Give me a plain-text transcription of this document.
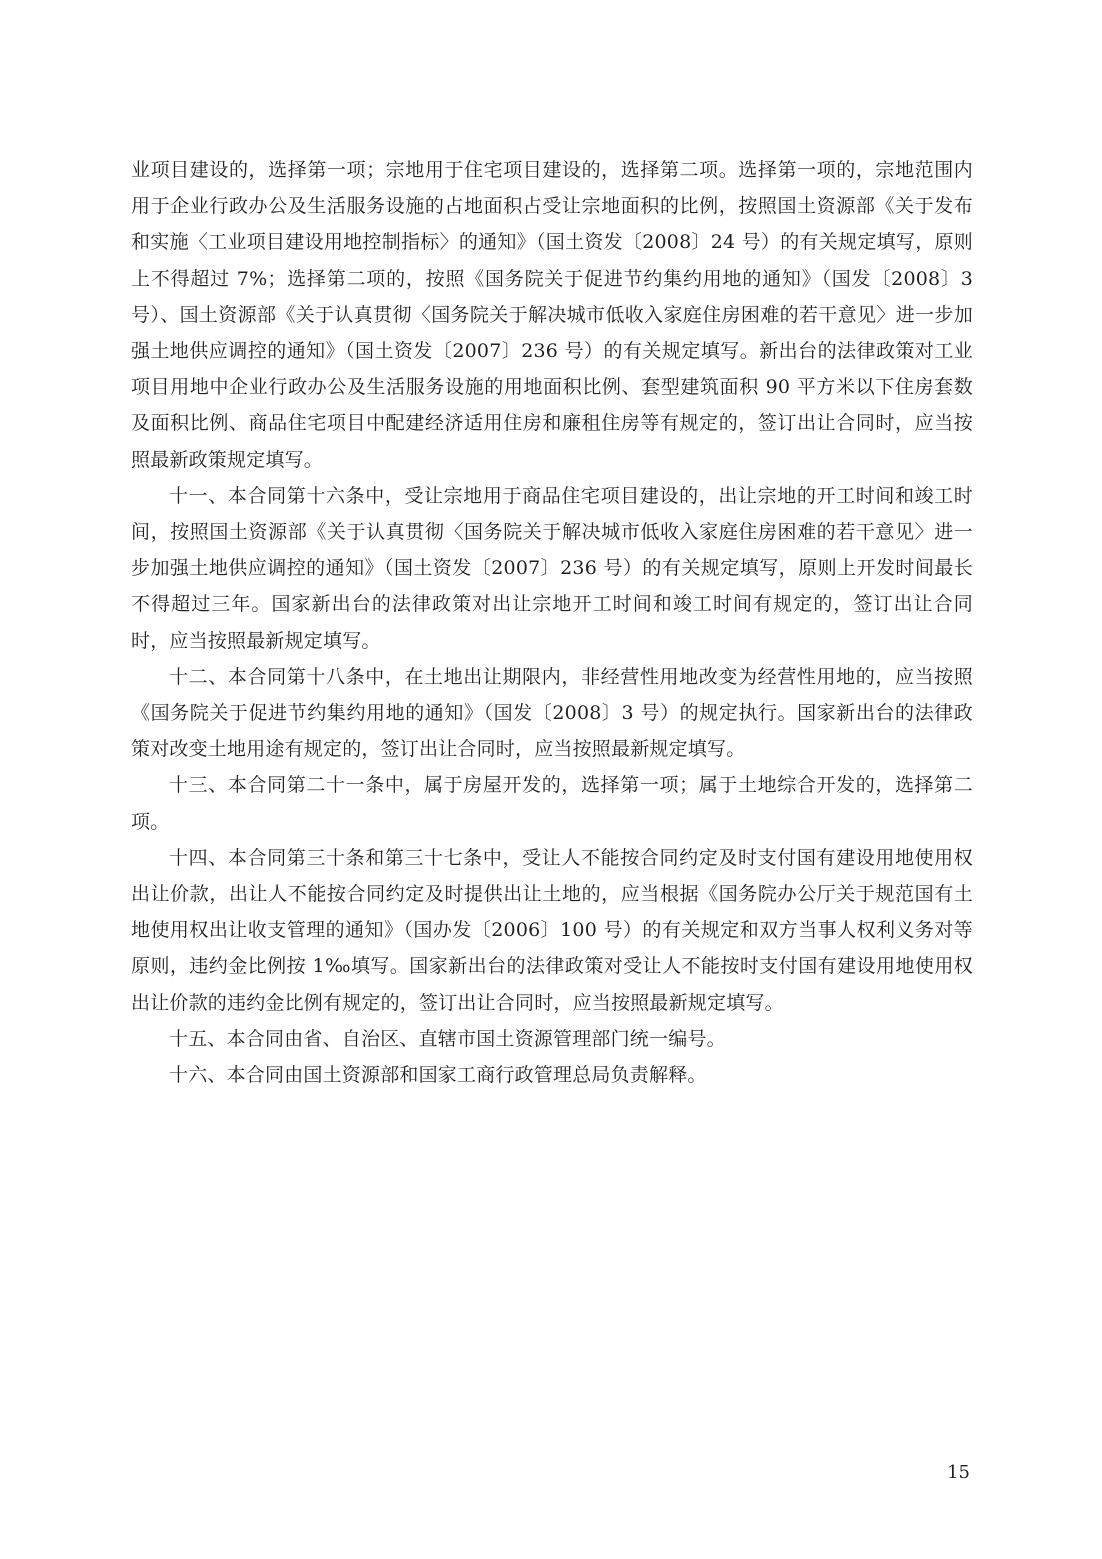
业项目建设的，选择第一项；宗地用于住宅项目建设的，选择第二项。选择第一项的，宗地范围内用于企业行政办公及生活服务设施的占地面积占受让宗地面积的比例，按照国土资源部《关于发布和实施〈工业项目建设用地控制指标〉的通知》（国土资发〔2008〕24 号）的有关规定填写，原则上不得超过 7%；选择第二项的，按照《国务院关于促进节约集约用地的通知》（国发〔2008〕3 号）、国土资源部《关于认真贯彻〈国务院关于解决城市低收入家庭住房困难的若干意见〉进一步加强土地供应调控的通知》（国土资发〔2007〕236 号）的有关规定填写。新出台的法律政策对工业项目用地中企业行政办公及生活服务设施的用地面积比例、套型建筑面积 90 平方米以下住房套数及面积比例、商品住宅项目中配建经济适用住房和廉租住房等有规定的，签订出让合同时，应当按照最新政策规定填写。

十一、本合同第十六条中，受让宗地用于商品住宅项目建设的，出让宗地的开工时间和竣工时间，按照国土资源部《关于认真贯彻〈国务院关于解决城市低收入家庭住房困难的若干意见〉进一步加强土地供应调控的通知》（国土资发〔2007〕236 号）的有关规定填写，原则上开发时间最长不得超过三年。国家新出台的法律政策对出让宗地开工时间和竣工时间有规定的，签订出让合同时，应当按照最新规定填写。

十二、本合同第十八条中，在土地出让期限内，非经营性用地改变为经营性用地的，应当按照《国务院关于促进节约集约用地的通知》（国发〔2008〕3 号）的规定执行。国家新出台的法律政策对改变土地用途有规定的，签订出让合同时，应当按照最新规定填写。

十三、本合同第二十一条中，属于房屋开发的，选择第一项；属于土地综合开发的，选择第二项。

十四、本合同第三十条和第三十七条中，受让人不能按合同约定及时支付国有建设用地使用权出让价款，出让人不能按合同约定及时提供出让土地的，应当根据《国务院办公厅关于规范国有土地使用权出让收支管理的通知》（国办发〔2006〕100 号）的有关规定和双方当事人权利义务对等原则，违约金比例按 1‰填写。国家新出台的法律政策对受让人不能按时支付国有建设用地使用权出让价款的违约金比例有规定的，签订出让合同时，应当按照最新规定填写。

十五、本合同由省、自治区、直辖市国土资源管理部门统一编号。

十六、本合同由国土资源部和国家工商行政管理总局负责解释。

15
